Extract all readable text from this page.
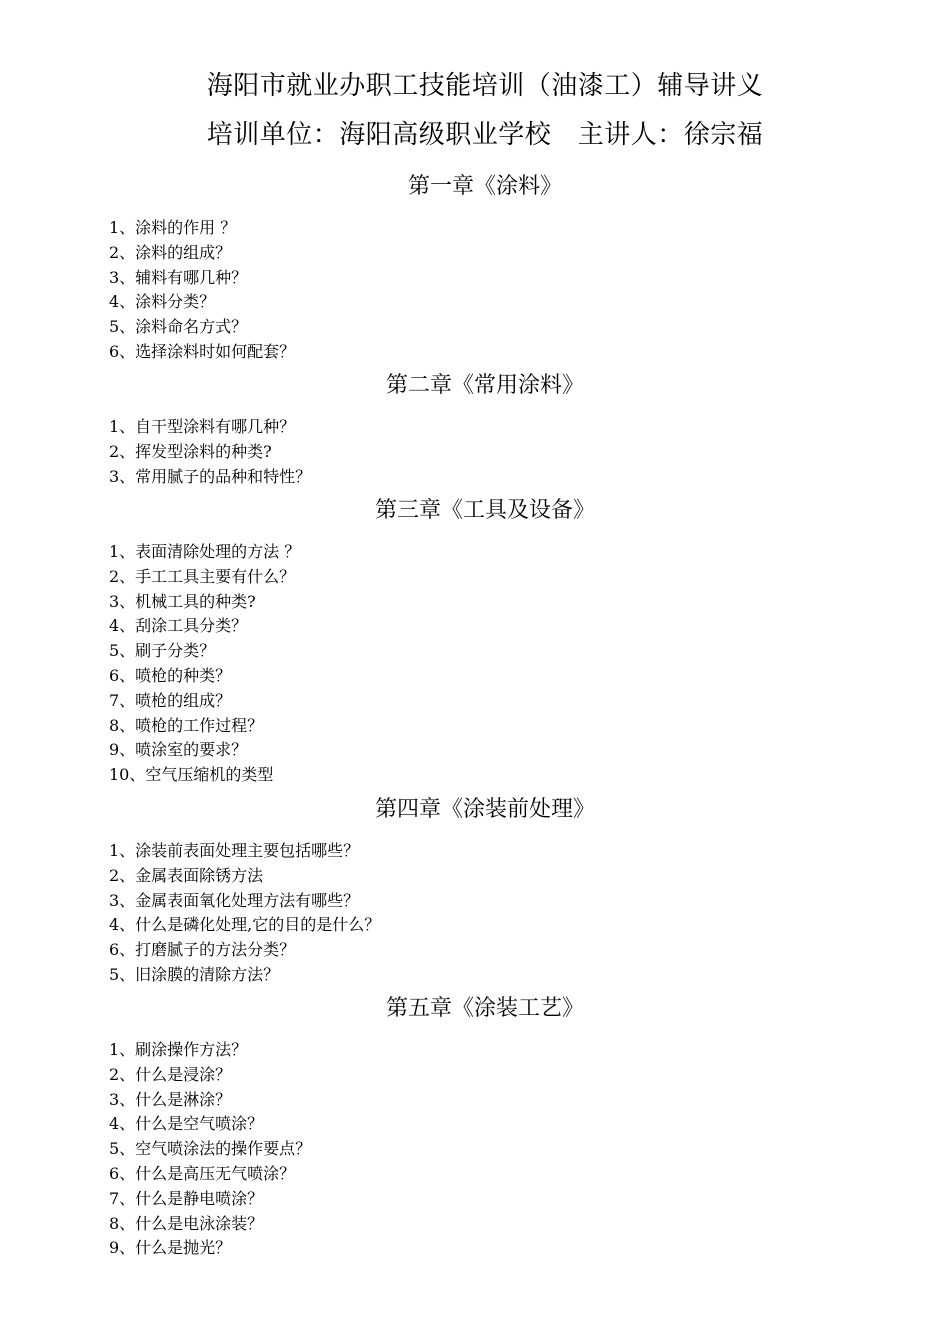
海阳市就业办职工技能培训（油漆工）辅导讲义
培训单位：海阳高级职业学校　主讲人：徐宗福
第一章《涂料》
1、涂料的作用 ？
2、涂料的组成？
3、辅料有哪几种？
4、涂料分类？
5、涂料命名方式？
6、选择涂料时如何配套？
第二章《常用涂料》
1、自干型涂料有哪几种？
2、挥发型涂料的种类?
3、常用腻子的品种和特性？
第三章《工具及设备》
1、表面清除处理的方法 ？
2、手工工具主要有什么？
3、机械工具的种类?
4、刮涂工具分类？
5、刷子分类？
6、喷枪的种类？
7、喷枪的组成？
8、喷枪的工作过程？
9、喷涂室的要求？
10、空气压缩机的类型
第四章《涂装前处理》
1、涂装前表面处理主要包括哪些？
2、金属表面除锈方法
3、金属表面氧化处理方法有哪些？
4、什么是磷化处理,它的目的是什么？
6、打磨腻子的方法分类？
5、旧涂膜的清除方法？
第五章《涂装工艺》
1、刷涂操作方法？
2、什么是浸涂？
3、什么是淋涂？
4、什么是空气喷涂？
5、空气喷涂法的操作要点？
6、什么是高压无气喷涂？
7、什么是静电喷涂？
8、什么是电泳涂装？
9、什么是抛光？
